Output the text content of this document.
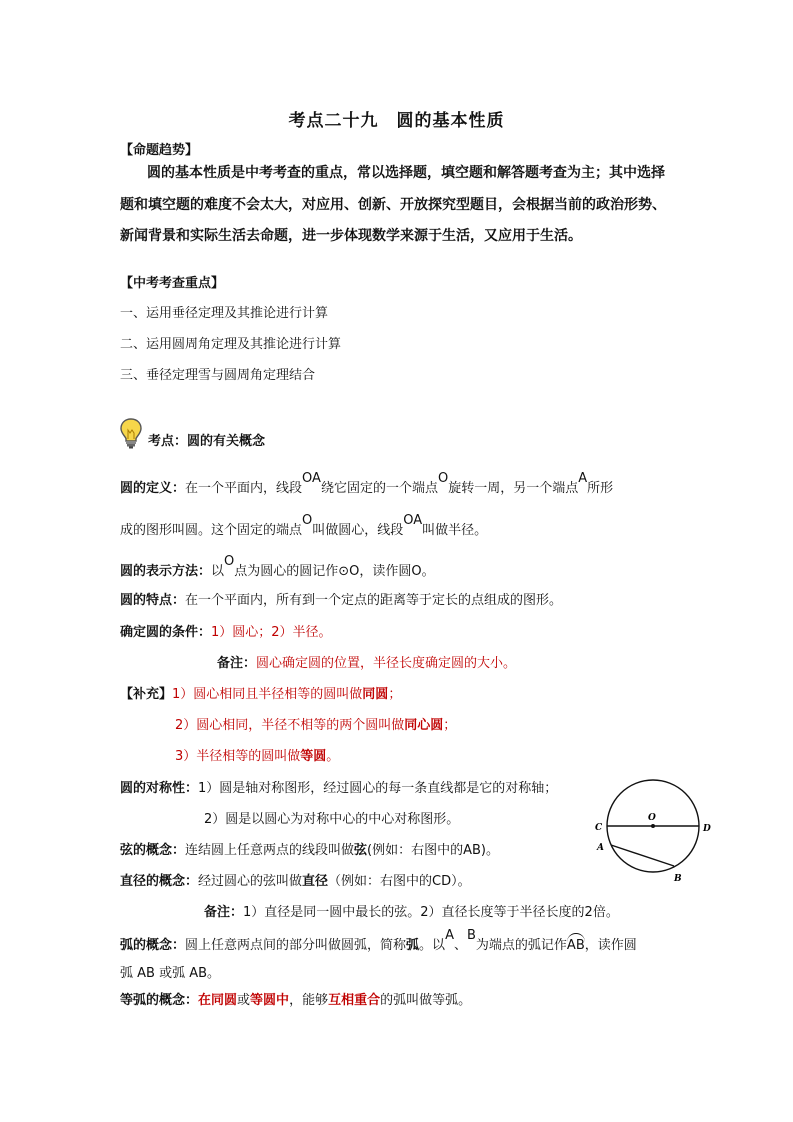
考点二十九　圆的基本性质
【命题趋势】
圆的基本性质是中考考查的重点，常以选择题，填空题和解答题考查为主；其中选择
题和填空题的难度不会太大，对应用、创新、开放探究型题目，会根据当前的政治形势、
新闻背景和实际生活去命题，进一步体现数学来源于生活，又应用于生活。
【中考考查重点】
一、运用垂径定理及其推论进行计算
二、运用圆周角定理及其推论进行计算
三、垂径定理雪与圆周角定理结合
考点：圆的有关概念
圆的定义：在一个平面内，线段OA绕它固定的一个端点O旋转一周，另一个端点A所形
成的图形叫圆。这个固定的端点O叫做圆心，线段OA叫做半径。
圆的表示方法：以O点为圆心的圆记作⊙O，读作圆O。
圆的特点：在一个平面内，所有到一个定点的距离等于定长的点组成的图形。
确定圆的条件：1）圆心；2）半径。
备注：圆心确定圆的位置，半径长度确定圆的大小。
【补充】1）圆心相同且半径相等的圆叫做同圆；
2）圆心相同，半径不相等的两个圆叫做同心圆；
3）半径相等的圆叫做等圆。
圆的对称性：1）圆是轴对称图形，经过圆心的每一条直线都是它的对称轴；
2）圆是以圆心为对称中心的中心对称图形。
弦的概念：连结圆上任意两点的线段叫做弦(例如：右图中的AB)。
直径的概念：经过圆心的弦叫做直径（例如：右图中的CD）。
备注：1）直径是同一圆中最长的弦。2）直径长度等于半径长度的2倍。
弧的概念：圆上任意两点间的部分叫做圆弧，简称弧。以A、B为端点的弧记作AB，读作圆
弧 AB 或弧 AB。
等弧的概念：在同圆或等圆中，能够互相重合的弧叫做等弧。
O
C	D
A
B
